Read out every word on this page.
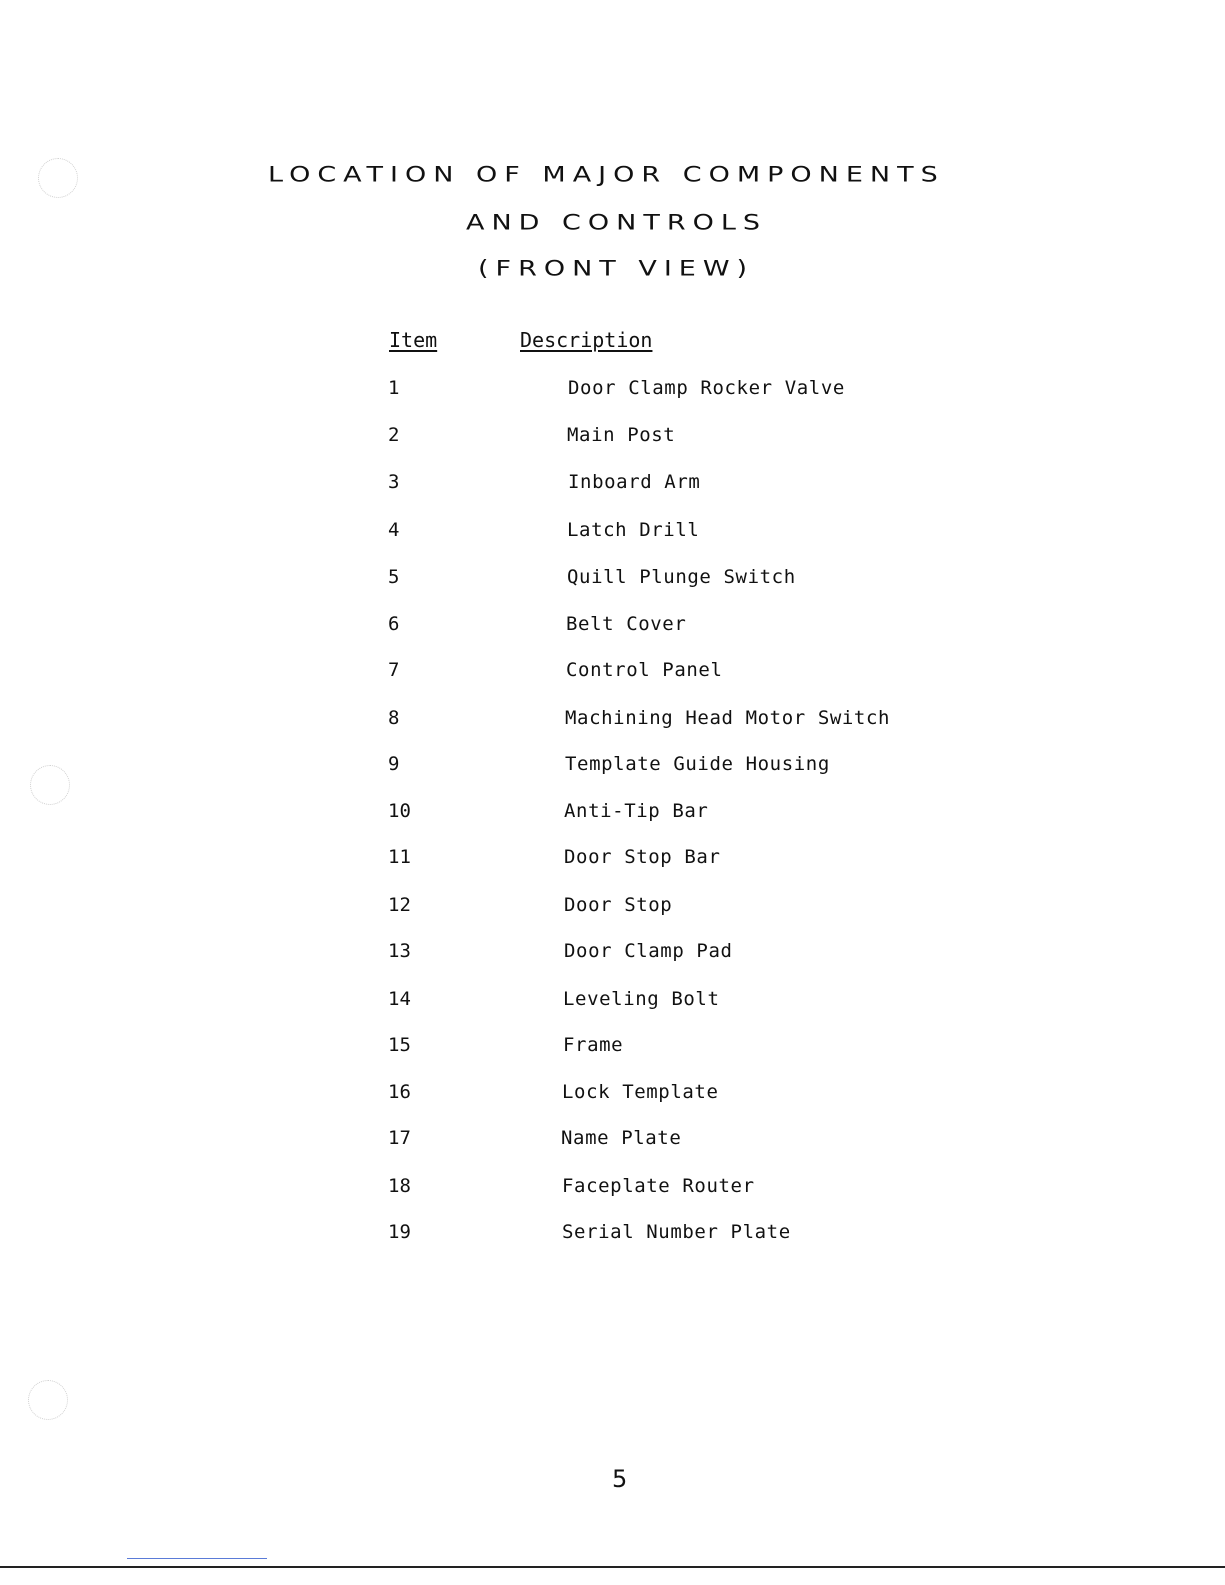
LOCATION OF MAJOR COMPONENTS
AND CONTROLS
(FRONT VIEW)
Item	Description
1	Door Clamp Rocker Valve
2	Main Post
3	Inboard Arm
4	Latch Drill
5	Quill Plunge Switch
6	Belt Cover
7	Control Panel
8	Machining Head Motor Switch
9	Template Guide Housing
10	Anti-Tip Bar
11	Door Stop Bar
12	Door Stop
13	Door Clamp Pad
14	Leveling Bolt
15	Frame
16	Lock Template
17	Name Plate
18	Faceplate Router
19	Serial Number Plate
5
